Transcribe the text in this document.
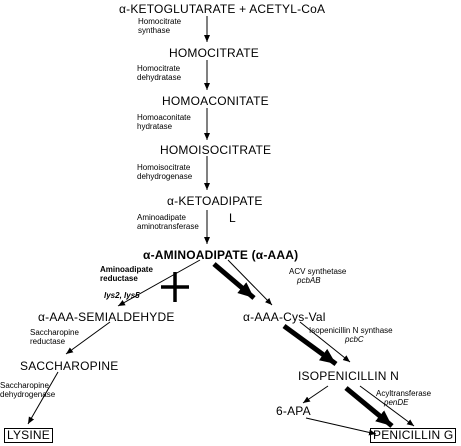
α-KETOGLUTARATE + ACETYL-CoA
HOMOCITRATE
HOMOACONITATE
HOMOISOCITRATE
α-KETOADIPATE
L
α-AMINOADIPATE (α-AAA)
α-AAA-SEMIALDEHYDE	α-AAA-Cys-Val
SACCHAROPINE
ISOPENICILLIN N
6-APA
LYSINE	PENICILLIN G
Homocitrate
synthase
Homocitrate
dehydratase
Homoaconitate
hydratase
Homoisocitrate
dehydrogenase
Aminoadipate
aminotransferase
Aminoadipate
reductase
lys2, lys5
ACV synthetase
pcbAB
Saccharopine
reductase
Isopenicillin N synthase
pcbC
Saccharopine
dehydrogenase	Acyltransferase
penDE
